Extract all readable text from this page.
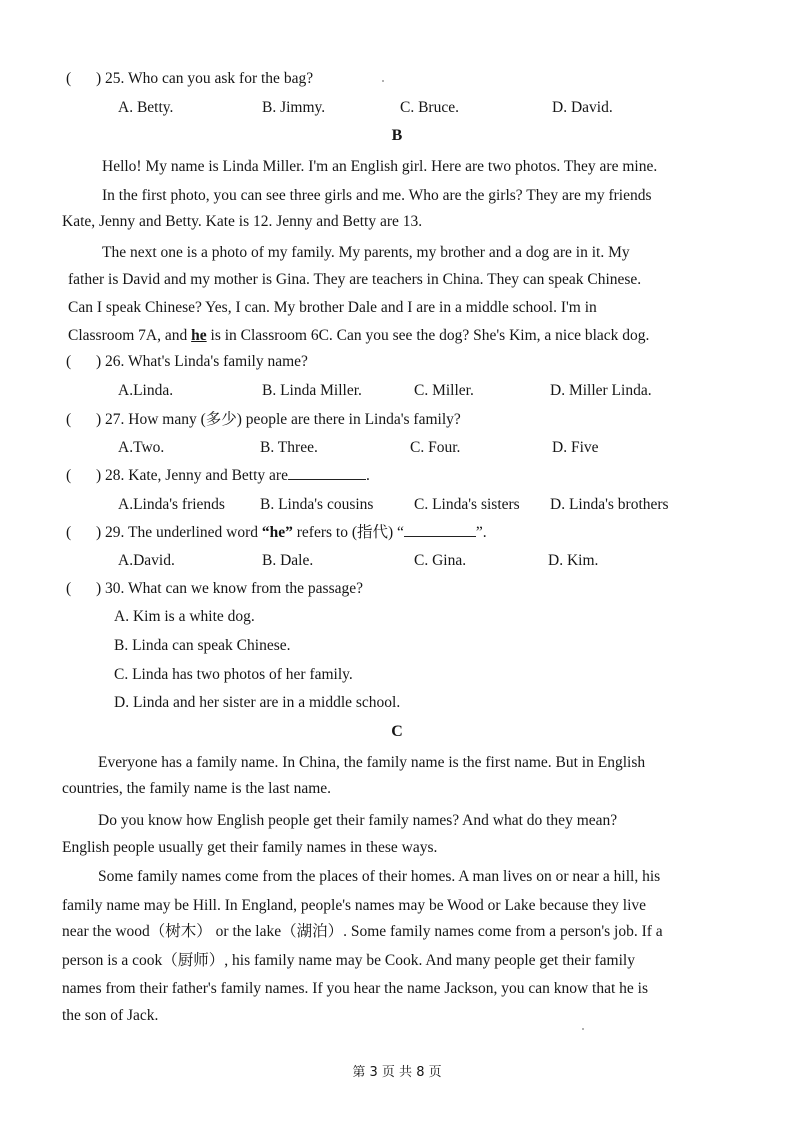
( ) 25. Who can you ask for the bag?
A. Betty.	B. Jimmy.	C. Bruce.	D. David.
B
Hello! My name is Linda Miller. I'm an English girl. Here are two photos. They are mine.
In the first photo, you can see three girls and me. Who are the girls? They are my friends
Kate, Jenny and Betty. Kate is 12. Jenny and Betty are 13.
The next one is a photo of my family. My parents, my brother and a dog are in it. My
father is David and my mother is Gina. They are teachers in China. They can speak Chinese.
Can I speak Chinese? Yes, I can. My brother Dale and I are in a middle school. I'm in
Classroom 7A, and he is in Classroom 6C. Can you see the dog? She's Kim, a nice black dog.
( ) 26. What's Linda's family name?
A.Linda.	B. Linda Miller.	C. Miller.	D. Miller Linda.
( ) 27. How many (多少) people are there in Linda's family?
A.Two.	B. Three.	C. Four.	D. Five
( ) 28. Kate, Jenny and Betty are	.
A.Linda's friends B. Linda's cousins	C. Linda's sisters D. Linda's brothers
( ) 29. The underlined word “he” refers to (指代) “	”.
A.David.	B. Dale.	C. Gina.	D. Kim.
( ) 30. What can we know from the passage?
A. Kim is a white dog.
B. Linda can speak Chinese.
C. Linda has two photos of her family.
D. Linda and her sister are in a middle school.
C
Everyone has a family name. In China, the family name is the first name. But in English
countries, the family name is the last name.
Do you know how English people get their family names? And what do they mean?
English people usually get their family names in these ways.
Some family names come from the places of their homes. A man lives on or near a hill, his
family name may be Hill. In England, people's names may be Wood or Lake because they live
near the wood（树木） or the lake（湖泊）. Some family names come from a person's job. If a
person is a cook（厨师）, his family name may be Cook. And many people get their family
names from their father's family names. If you hear the name Jackson, you can know that he is
the son of Jack.
第 3 页 共 8 页
